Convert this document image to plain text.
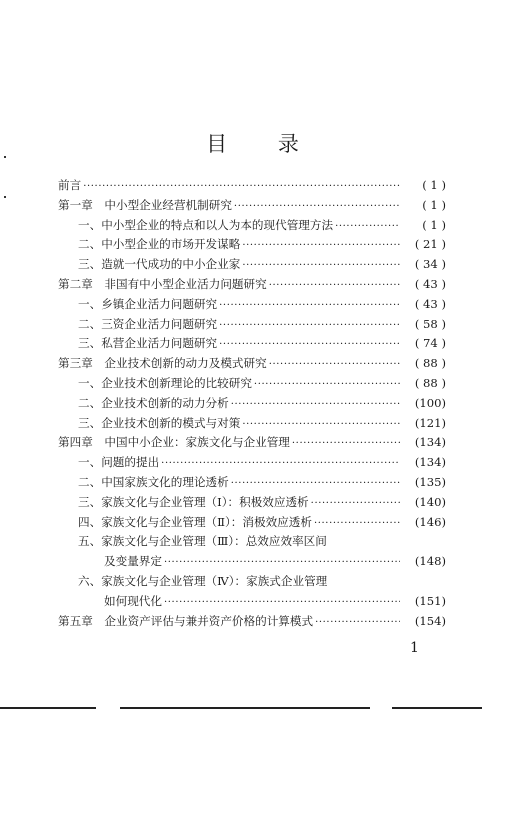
目 录
前言 ·····	( 1 )
第一章　中小型企业经营机制研究 ·····	( 1 )
一、中小型企业的特点和以人为本的现代管理方法 ·····	( 1 )
二、中小型企业的市场开发谋略 ·····	( 21 )
三、造就一代成功的中小企业家 ·····	( 34 )
第二章　非国有中小型企业活力问题研究 ·····	( 43 )
一、乡镇企业活力问题研究 ·····	( 43 )
二、三资企业活力问题研究 ·····	( 58 )
三、私营企业活力问题研究 ·····	( 74 )
第三章　企业技术创新的动力及模式研究 ·····	( 88 )
一、企业技术创新理论的比较研究 ·····	( 88 )
二、企业技术创新的动力分析 ·····	(100)
三、企业技术创新的模式与对策 ·····	(121)
第四章　中国中小企业：家族文化与企业管理 ·····	(134)
一、问题的提出 ·····	(134)
二、中国家族文化的理论透析 ·····	(135)
三、家族文化与企业管理（Ⅰ）：积极效应透析 ·····	(140)
四、家族文化与企业管理（Ⅱ）：消极效应透析 ·····	(146)
五、家族文化与企业管理（Ⅲ）：总效应效率区间
及变量界定 ·····	(148)
六、家族文化与企业管理（Ⅳ）：家族式企业管理
如何现代化 ·····	(151)
第五章　企业资产评估与兼并资产价格的计算模式 ·····	(154)

1
